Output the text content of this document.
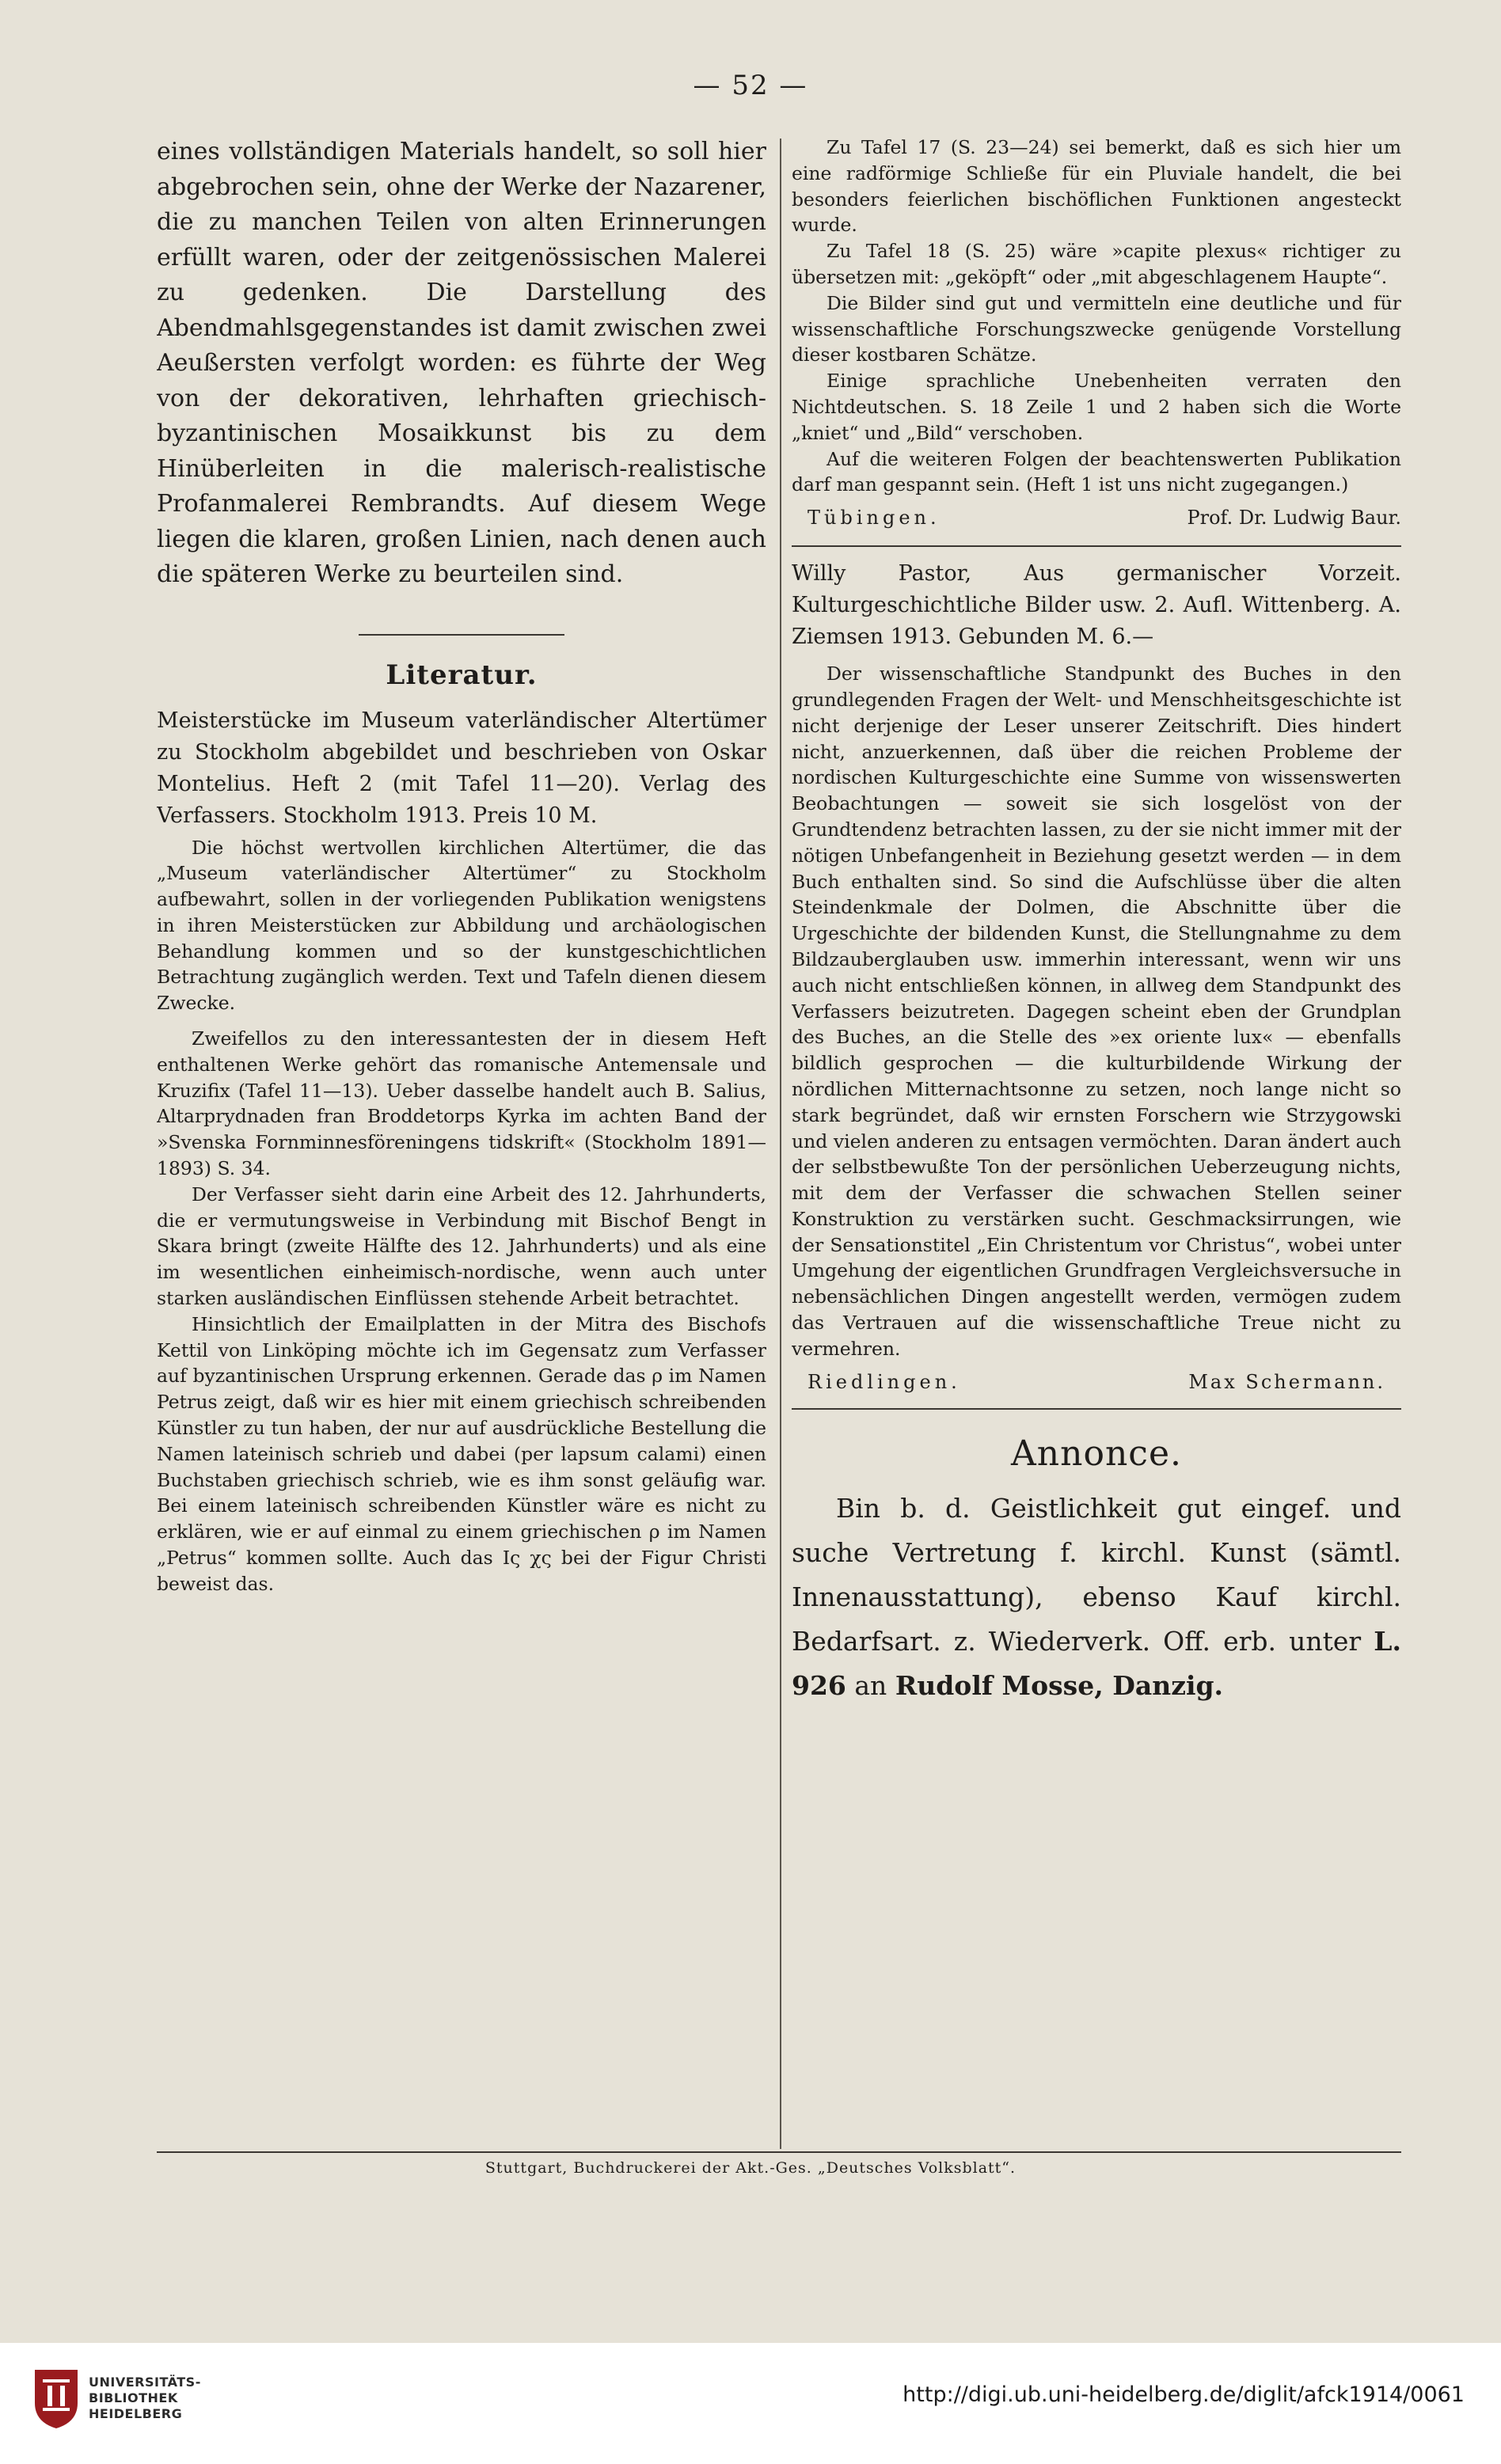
— 52 —

eines vollständigen Materials handelt, so soll hier abgebrochen sein, ohne der Werke der Nazarener, die zu manchen Teilen von alten Erinnerungen erfüllt waren, oder der zeitgenössischen Malerei zu gedenken. Die Darstellung des Abendmahlsgegenstandes ist damit zwischen zwei Aeußersten verfolgt worden: es führte der Weg von der dekorativen, lehrhaften griechisch-byzantinischen Mosaikkunst bis zu dem Hinüberleiten in die malerisch-realistische Profanmalerei Rembrandts. Auf diesem Wege liegen die klaren, großen Linien, nach denen auch die späteren Werke zu beurteilen sind.

Literatur.

Meisterstücke im Museum vaterländischer Altertümer zu Stockholm abgebildet und beschrieben von Oskar Montelius. Heft 2 (mit Tafel 11—20). Verlag des Verfassers. Stockholm 1913. Preis 10 M.

Die höchst wertvollen kirchlichen Altertümer, die das „Museum vaterländischer Altertümer“ zu Stockholm aufbewahrt, sollen in der vorliegenden Publikation wenigstens in ihren Meisterstücken zur Abbildung und archäologischen Behandlung kommen und so der kunstgeschichtlichen Betrachtung zugänglich werden. Text und Tafeln dienen diesem Zwecke.

Zweifellos zu den interessantesten der in diesem Heft enthaltenen Werke gehört das romanische Antemensale und Kruzifix (Tafel 11—13). Ueber dasselbe handelt auch B. Salius, Altarprydnaden fran Broddetorps Kyrka im achten Band der »Svenska Fornminnesföreningens tidskrift« (Stockholm 1891—1893) S. 34.

Der Verfasser sieht darin eine Arbeit des 12. Jahrhunderts, die er vermutungsweise in Verbindung mit Bischof Bengt in Skara bringt (zweite Hälfte des 12. Jahrhunderts) und als eine im wesentlichen einheimisch-nordische, wenn auch unter starken ausländischen Einflüssen stehende Arbeit betrachtet.

Hinsichtlich der Emailplatten in der Mitra des Bischofs Kettil von Linköping möchte ich im Gegensatz zum Verfasser auf byzantinischen Ursprung erkennen. Gerade das ρ im Namen Petrus zeigt, daß wir es hier mit einem griechisch schreibenden Künstler zu tun haben, der nur auf ausdrückliche Bestellung die Namen lateinisch schrieb und dabei (per lapsum calami) einen Buchstaben griechisch schrieb, wie es ihm sonst geläufig war. Bei einem lateinisch schreibenden Künstler wäre es nicht zu erklären, wie er auf einmal zu einem griechischen ρ im Namen „Petrus“ kommen sollte. Auch das Iς χς bei der Figur Christi beweist das.

Zu Tafel 17 (S. 23—24) sei bemerkt, daß es sich hier um eine radförmige Schließe für ein Pluviale handelt, die bei besonders feierlichen bischöflichen Funktionen angesteckt wurde.

Zu Tafel 18 (S. 25) wäre »capite plexus« richtiger zu übersetzen mit: „geköpft“ oder „mit abgeschlagenem Haupte“.

Die Bilder sind gut und vermitteln eine deutliche und für wissenschaftliche Forschungszwecke genügende Vorstellung dieser kostbaren Schätze.

Einige sprachliche Unebenheiten verraten den Nichtdeutschen. S. 18 Zeile 1 und 2 haben sich die Worte „kniet“ und „Bild“ verschoben.

Auf die weiteren Folgen der beachtenswerten Publikation darf man gespannt sein. (Heft 1 ist uns nicht zugegangen.)

Tübingen.	Prof. Dr. Ludwig Baur.

Willy Pastor, Aus germanischer Vorzeit. Kulturgeschichtliche Bilder usw. 2. Aufl. Wittenberg. A. Ziemsen 1913. Gebunden M. 6.—

Der wissenschaftliche Standpunkt des Buches in den grundlegenden Fragen der Welt- und Menschheitsgeschichte ist nicht derjenige der Leser unserer Zeitschrift. Dies hindert nicht, anzuerkennen, daß über die reichen Probleme der nordischen Kulturgeschichte eine Summe von wissenswerten Beobachtungen — soweit sie sich losgelöst von der Grundtendenz betrachten lassen, zu der sie nicht immer mit der nötigen Unbefangenheit in Beziehung gesetzt werden — in dem Buch enthalten sind. So sind die Aufschlüsse über die alten Steindenkmale der Dolmen, die Abschnitte über die Urgeschichte der bildenden Kunst, die Stellungnahme zu dem Bildzauberglauben usw. immerhin interessant, wenn wir uns auch nicht entschließen können, in allweg dem Standpunkt des Verfassers beizutreten. Dagegen scheint eben der Grundplan des Buches, an die Stelle des »ex oriente lux« — ebenfalls bildlich gesprochen — die kulturbildende Wirkung der nördlichen Mitternachtsonne zu setzen, noch lange nicht so stark begründet, daß wir ernsten Forschern wie Strzygowski und vielen anderen zu entsagen vermöchten. Daran ändert auch der selbstbewußte Ton der persönlichen Ueberzeugung nichts, mit dem der Verfasser die schwachen Stellen seiner Konstruktion zu verstärken sucht. Geschmacksirrungen, wie der Sensationstitel „Ein Christentum vor Christus“, wobei unter Umgehung der eigentlichen Grundfragen Vergleichsversuche in nebensächlichen Dingen angestellt werden, vermögen zudem das Vertrauen auf die wissenschaftliche Treue nicht zu vermehren.

Riedlingen.	Max Schermann.
Annonce.

Bin b. d. Geistlichkeit gut eingef. und suche Vertretung f. kirchl. Kunst (sämtl. Innenausstattung), ebenso Kauf kirchl. Bedarfsart. z. Wiederverk. Off. erb. unter L. 926 an Rudolf Mosse, Danzig.

Stuttgart, Buchdruckerei der Akt.-Ges. „Deutsches Volksblatt“.
UNIVERSITÄTS-
BIBLIOTHEK
HEIDELBERG
http://digi.ub.uni-heidelberg.de/diglit/afck1914/0061
